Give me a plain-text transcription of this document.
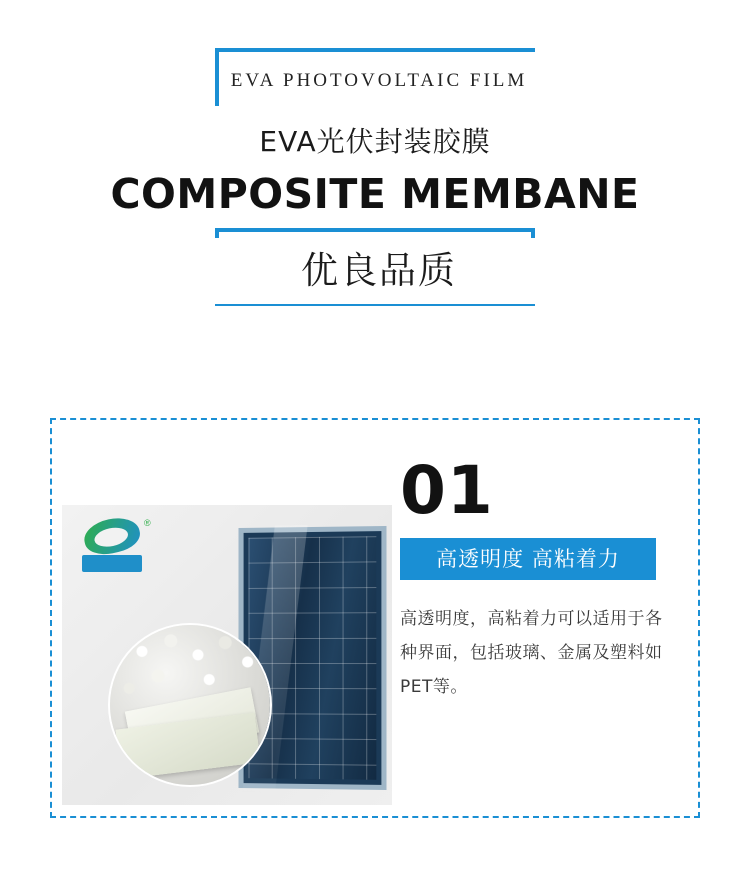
EVA PHOTOVOLTAIC FILM
EVA光伏封装胶膜
COMPOSITE MEMBANE
优良品质
®	01
高透明度 高粘着力
高透明度，高粘着力可以适用于各种界面，包括玻璃、金属及塑料如PET等。
